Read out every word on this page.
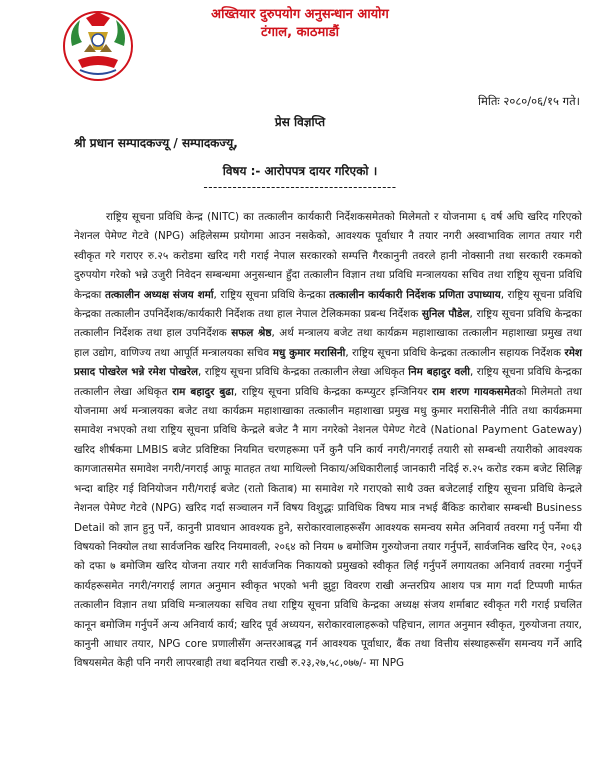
अख्तियार दुरुपयोग अनुसन्धान आयोग
टंगाल, काठमाडौं
मितिः २०८०/०६/१५ गते।
प्रेस विज्ञप्ति
श्री प्रधान सम्पादकज्यू / सम्पादकज्यू,
विषय :- आरोपपत्र दायर गरिएको ।
----------------------------------------
राष्ट्रिय सूचना प्रविधि केन्द्र (NITC) का तत्कालीन कार्यकारी निर्देशकसमेतको मिलेमतो र योजनामा ६ वर्ष अघि खरिद गरिएको नेशनल पेमेण्ट गेटवे (NPG) अहिलेसम्म प्रयोगमा आउन नसकेको, आवश्यक पूर्वाधार नै तयार नगरी अस्वाभाविक लागत तयार गरी स्वीकृत गरे गराएर रु.२५ करोडमा खरिद गरी गराई नेपाल सरकारको सम्पत्ति गैरकानुनी तवरले हानी नोक्सानी तथा सरकारी रकमको दुरुपयोग गरेको भन्ने उजुरी निवेदन सम्बन्धमा अनुसन्धान हुँदा तत्कालीन विज्ञान तथा प्रविधि मन्त्रालयका सचिव तथा राष्ट्रिय सूचना प्रविधि केन्द्रका तत्कालीन अध्यक्ष संजय शर्मा, राष्ट्रिय सूचना प्रविधि केन्द्रका तत्कालीन कार्यकारी निर्देशक प्रणिता उपाध्याय, राष्ट्रिय सूचना प्रविधि केन्द्रका तत्कालीन उपनिर्देशक/कार्यकारी निर्देशक तथा हाल नेपाल टेलिकमका प्रबन्ध निर्देशक सुनिल पौडेल, राष्ट्रिय सूचना प्रविधि केन्द्रका तत्कालीन निर्देशक तथा हाल उपनिर्देशक सफल श्रेष्ठ, अर्थ मन्त्रालय बजेट तथा कार्यक्रम महाशाखाका तत्कालीन महाशाखा प्रमुख तथा हाल उद्योग, वाणिज्य तथा आपूर्ति मन्त्रालयका सचिव मधु कुमार मरासिनी, राष्ट्रिय सूचना प्रविधि केन्द्रका तत्कालीन सहायक निर्देशक रमेश प्रसाद पोखरेल भन्ने रमेश पोखरेल, राष्ट्रिय सूचना प्रविधि केन्द्रका तत्कालीन लेखा अधिकृत निम बहादुर वली, राष्ट्रिय सूचना प्रविधि केन्द्रका तत्कालीन लेखा अधिकृत राम बहादुर बुढा, राष्ट्रिय सूचना प्रविधि केन्द्रका कम्प्युटर इन्जिनियर राम शरण गायकसमेतको मिलेमतो तथा योजनामा अर्थ मन्त्रालयका बजेट तथा कार्यक्रम महाशाखाका तत्कालीन महाशाखा प्रमुख मधु कुमार मरासिनीले नीति तथा कार्यक्रममा समावेश नभएको तथा राष्ट्रिय सूचना प्रविधि केन्द्रले बजेट नै माग नगरेको नेशनल पेमेण्ट गेटवे (National Payment Gateway) खरिद शीर्षकमा LMBIS बजेट प्रविष्टिका नियमित चरणहरूमा पर्ने कुनै पनि कार्य नगरी/नगराई तयारी सो सम्बन्धी तयारीको आवश्यक कागजातसमेत समावेश नगरी/नगराई आफू मातहत तथा माथिल्लो निकाय/अधिकारीलाई जानकारी नदिई रु.२५ करोड रकम बजेट सिलिङ्ग भन्दा बाहिर गई विनियोजन गरी/गराई बजेट (रातो किताब) मा समावेश गरे गराएको साथै उक्त बजेटलाई राष्ट्रिय सूचना प्रविधि केन्द्रले नेशनल पेमेण्ट गेटवे (NPG) खरिद गर्दा सञ्चालन गर्ने विषय विशुद्धः प्राविधिक विषय मात्र नभई बैंकिङ कारोबार सम्बन्धी Business Detail को ज्ञान हुनु पर्ने, कानुनी प्रावधान आवश्यक हुने, सरोकारवालाहरूसँग आवश्यक समन्वय समेत अनिवार्य तवरमा गर्नु पर्नेमा यी विषयको निक्योल तथा सार्वजनिक खरिद नियमावली, २०६४ को नियम ७ बमोजिम गुरुयोजना तयार गर्नुपर्ने, सार्वजनिक खरिद ऐन, २०६३ को दफा ७ बमोजिम खरिद योजना तयार गरी सार्वजनिक निकायको प्रमुखको स्वीकृत लिई गर्नुपर्ने लगायतका अनिवार्य तवरमा गर्नुपर्ने कार्यहरूसमेत नगरी/नगराई लागत अनुमान स्वीकृत भएको भनी झुट्टा विवरण राखी अन्तरप्रिय आशय पत्र माग गर्दा टिप्पणी मार्फत तत्कालीन विज्ञान तथा प्रविधि मन्त्रालयका सचिव तथा राष्ट्रिय सूचना प्रविधि केन्द्रका अध्यक्ष संजय शर्माबाट स्वीकृत गरी गराई प्रचलित कानून बमोजिम गर्नुपर्ने अन्य अनिवार्य कार्य; खरिद पूर्व अध्ययन, सरोकारवालाहरूको पहिचान, लागत अनुमान स्वीकृत, गुरुयोजना तयार, कानुनी आधार तयार, NPG core प्रणालीसँग अन्तरआबद्ध गर्न आवश्यक पूर्वाधार, बैंक तथा वित्तीय संस्थाहरूसँग समन्वय गर्ने आदि विषयसमेत केही पनि नगरी लापरबाही तथा बदनियत राखी रु.२३,२७,५८,०७७/- मा NPG
